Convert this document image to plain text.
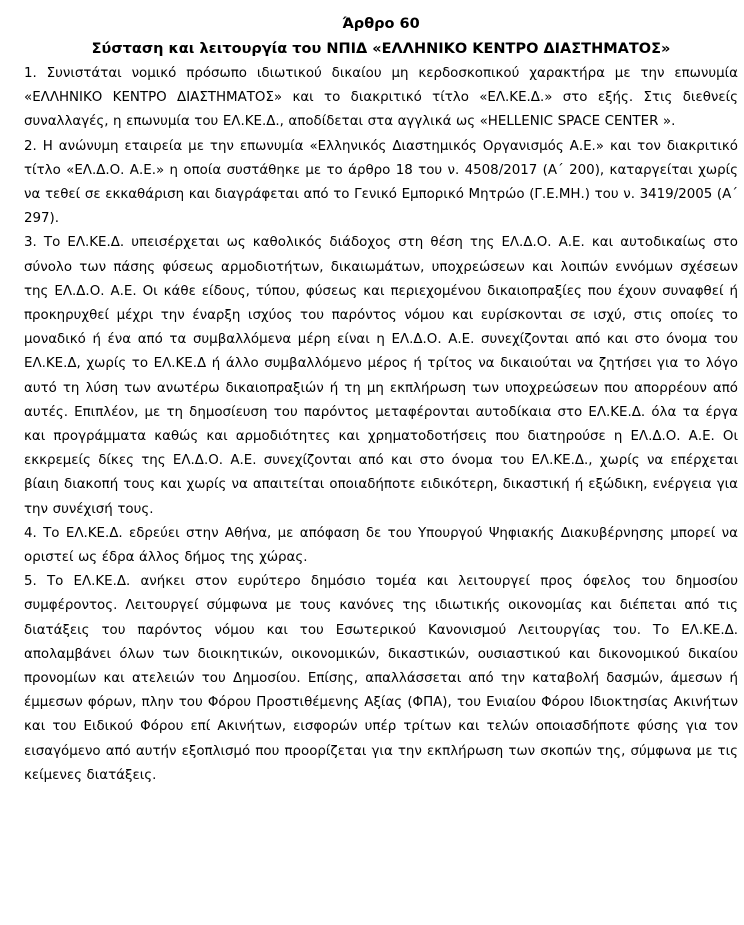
Άρθρο 60
Σύσταση και λειτουργία του ΝΠΙΔ «ΕΛΛΗΝΙΚΟ ΚΕΝΤΡΟ ΔΙΑΣΤΗΜΑΤΟΣ»

1. Συνιστάται νομικό πρόσωπο ιδιωτικού δικαίου μη κερδοσκοπικού χαρακτήρα με την επωνυμία «ΕΛΛΗΝΙΚΟ ΚΕΝΤΡΟ ΔΙΑΣΤΗΜΑΤΟΣ» και το διακριτικό τίτλο «ΕΛ.ΚΕ.Δ.» στο εξής. Στις διεθνείς συναλλαγές, η επωνυμία του ΕΛ.ΚΕ.Δ., αποδίδεται στα αγγλικά ως «HELLENIC SPACE CENTER ».

2. Η ανώνυμη εταιρεία με την επωνυμία «Ελληνικός Διαστημικός Οργανισμός Α.Ε.» και τον διακριτικό τίτλο «ΕΛ.Δ.Ο. Α.Ε.» η οποία συστάθηκε με το άρθρο 18 του ν. 4508/2017 (Α΄ 200), καταργείται χωρίς να τεθεί σε εκκαθάριση και διαγράφεται από το Γενικό Εμπορικό Μητρώο (Γ.Ε.ΜΗ.) του ν. 3419/2005 (Α΄ 297).

3. Το ΕΛ.ΚΕ.Δ. υπεισέρχεται ως καθολικός διάδοχος στη θέση της ΕΛ.Δ.Ο. Α.Ε. και αυτοδικαίως στο σύνολο των πάσης φύσεως αρμοδιοτήτων, δικαιωμάτων, υποχρεώσεων και λοιπών εννόμων σχέσεων της ΕΛ.Δ.Ο. Α.Ε. Οι κάθε είδους, τύπου, φύσεως και περιεχομένου δικαιοπραξίες που έχουν συναφθεί ή προκηρυχθεί μέχρι την έναρξη ισχύος του παρόντος νόμου και ευρίσκονται σε ισχύ, στις οποίες το μοναδικό ή ένα από τα συμβαλλόμενα μέρη είναι η ΕΛ.Δ.Ο. Α.Ε. συνεχίζονται από και στο όνομα του ΕΛ.ΚΕ.Δ, χωρίς το ΕΛ.ΚΕ.Δ ή άλλο συμβαλλόμενο μέρος ή τρίτος να δικαιούται να ζητήσει για το λόγο αυτό τη λύση των ανωτέρω δικαιοπραξιών ή τη μη εκπλήρωση των υποχρεώσεων που απορρέουν από αυτές. Επιπλέον, με τη δημοσίευση του παρόντος μεταφέρονται αυτοδίκαια στο ΕΛ.ΚΕ.Δ. όλα τα έργα και προγράμματα καθώς και αρμοδιότητες και χρηματοδοτήσεις που διατηρούσε η ΕΛ.Δ.Ο. Α.Ε. Οι εκκρεμείς δίκες της ΕΛ.Δ.Ο. Α.Ε. συνεχίζονται από και στο όνομα του ΕΛ.ΚΕ.Δ., χωρίς να επέρχεται βίαιη διακοπή τους και χωρίς να απαιτείται οποιαδήποτε ειδικότερη, δικαστική ή εξώδικη, ενέργεια για την συνέχισή τους.

4. Το ΕΛ.ΚΕ.Δ. εδρεύει στην Αθήνα, με απόφαση δε του Υπουργού Ψηφιακής Διακυβέρνησης μπορεί να οριστεί ως έδρα άλλος δήμος της χώρας.

5. Το ΕΛ.ΚΕ.Δ. ανήκει στον ευρύτερο δημόσιο τομέα και λειτουργεί προς όφελος του δημοσίου συμφέροντος. Λειτουργεί σύμφωνα με τους κανόνες της ιδιωτικής οικονομίας και διέπεται από τις διατάξεις του παρόντος νόμου και του Εσωτερικού Κανονισμού Λειτουργίας του. Το ΕΛ.ΚΕ.Δ. απολαμβάνει όλων των διοικητικών, οικονομικών, δικαστικών, ουσιαστικού και δικονομικού δικαίου προνομίων και ατελειών του Δημοσίου. Επίσης, απαλλάσσεται από την καταβολή δασμών, άμεσων ή έμμεσων φόρων, πλην του Φόρου Προστιθέμενης Αξίας (ΦΠΑ), του Ενιαίου Φόρου Ιδιοκτησίας Ακινήτων και του Ειδικού Φόρου επί Ακινήτων, εισφορών υπέρ τρίτων και τελών οποιασδήποτε φύσης για τον εισαγόμενο από αυτήν εξοπλισμό που προορίζεται για την εκπλήρωση των σκοπών της, σύμφωνα με τις κείμενες διατάξεις.
